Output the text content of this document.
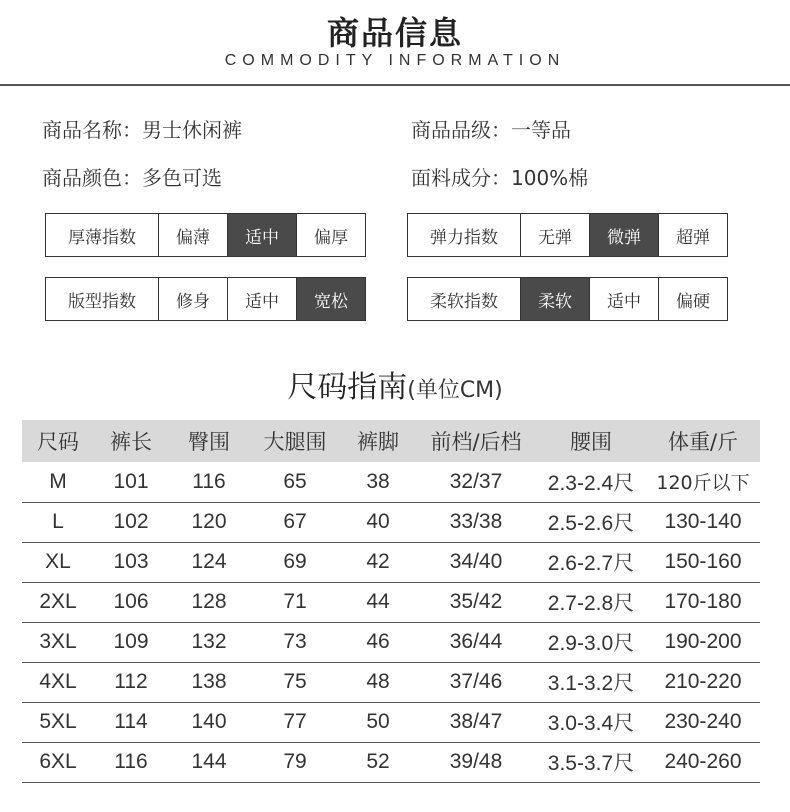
商品信息
COMMODITY INFORMATION
商品名称：男士休闲裤	商品品级：一等品
商品颜色：多色可选	面料成分：100%棉
厚薄指数	偏薄	适中	偏厚	弹力指数	无弹	微弹	超弹
版型指数	修身	适中	宽松	柔软指数	柔软	适中	偏硬
尺码指南(单位CM)
尺码	裤长	臀围	大腿围	裤脚	前档/后档	腰围	体重/斤
M	101	116	65	38	32/37	2.3-2.4尺	120斤以下
L	102	120	67	40	33/38	2.5-2.6尺	130-140
XL	103	124	69	42	34/40	2.6-2.7尺	150-160
2XL	106	128	71	44	35/42	2.7-2.8尺	170-180
3XL	109	132	73	46	36/44	2.9-3.0尺	190-200
4XL	112	138	75	48	37/46	3.1-3.2尺	210-220
5XL	114	140	77	50	38/47	3.0-3.4尺	230-240
6XL	116	144	79	52	39/48	3.5-3.7尺	240-260
